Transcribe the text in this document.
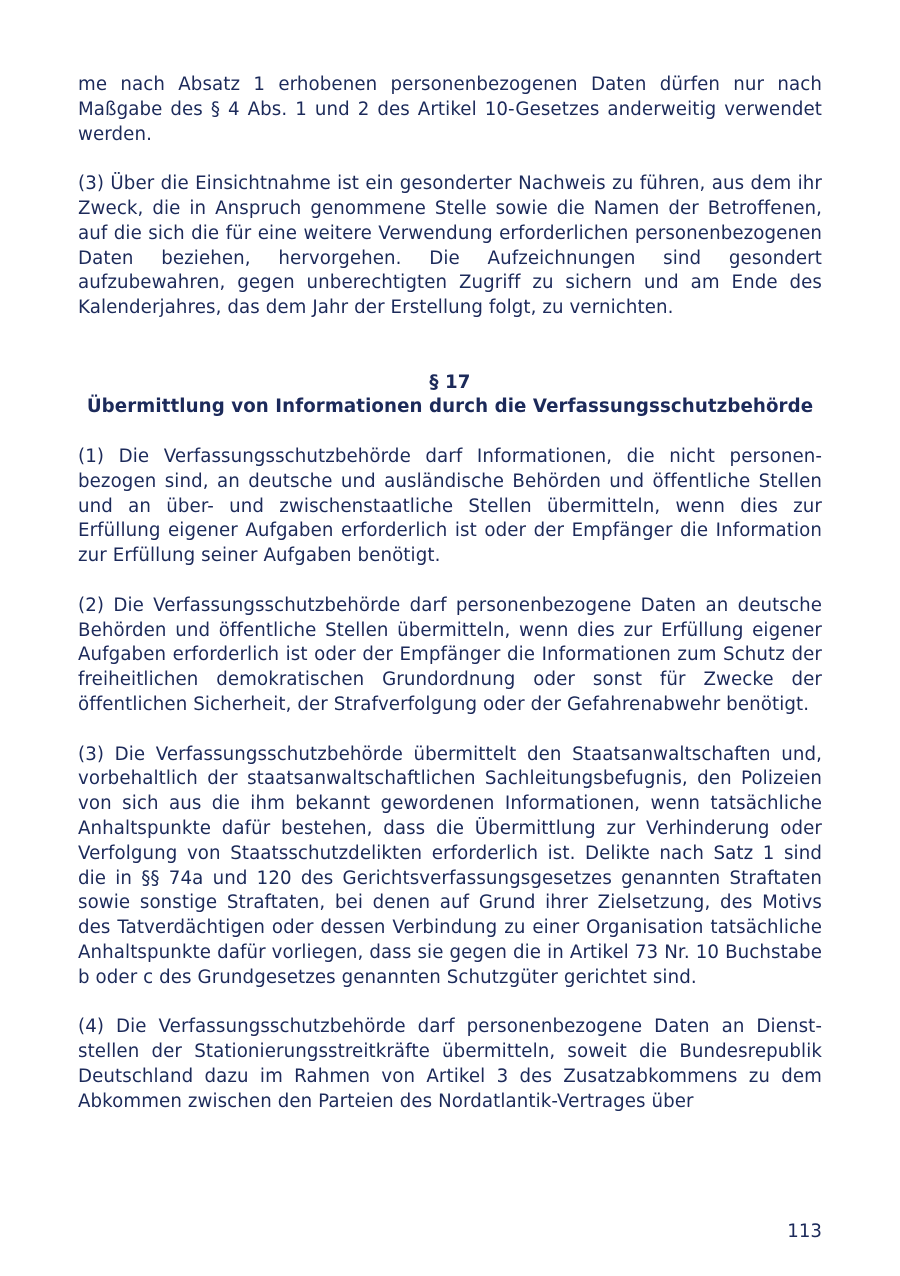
me nach Absatz 1 erhobenen personenbezogenen Daten dürfen nur nach Maßgabe des § 4 Abs. 1 und 2 des Artikel 10-Gesetzes anderweitig verwendet werden.

(3) Über die Einsichtnahme ist ein gesonderter Nachweis zu führen, aus dem ihr Zweck, die in Anspruch genommene Stelle sowie die Namen der Betroffenen, auf die sich die für eine weitere Verwendung erforderlichen personenbezogenen Daten beziehen, hervorgehen. Die Aufzeichnungen sind gesondert aufzubewahren, gegen unberechtigten Zugriff zu sichern und am Ende des Kalenderjahres, das dem Jahr der Erstellung folgt, zu vernichten.

§ 17
Übermittlung von Informationen durch die Verfassungsschutzbehörde

(1) Die Verfassungsschutzbehörde darf Informationen, die nicht personenbezogen sind, an deutsche und ausländische Behörden und öffentliche Stellen und an über- und zwischenstaatliche Stellen übermitteln, wenn dies zur Erfüllung eigener Aufgaben erforderlich ist oder der Empfänger die Information zur Erfüllung seiner Aufgaben benötigt.

(2) Die Verfassungsschutzbehörde darf personenbezogene Daten an deutsche Behörden und öffentliche Stellen übermitteln, wenn dies zur Erfüllung eigener Aufgaben erforderlich ist oder der Empfänger die Informationen zum Schutz der freiheitlichen demokratischen Grundordnung oder sonst für Zwecke der öffentlichen Sicherheit, der Strafverfolgung oder der Gefahrenabwehr benötigt.

(3) Die Verfassungsschutzbehörde übermittelt den Staatsanwaltschaften und, vorbehaltlich der staatsanwaltschaftlichen Sachleitungsbefugnis, den Polizeien von sich aus die ihm bekannt gewordenen Informationen, wenn tatsächliche Anhaltspunkte dafür bestehen, dass die Übermittlung zur Verhinderung oder Verfolgung von Staatsschutzdelikten erforderlich ist. Delikte nach Satz 1 sind die in §§ 74a und 120 des Gerichtsverfassungsgesetzes genannten Straftaten sowie sonstige Straftaten, bei denen auf Grund ihrer Zielsetzung, des Motivs des Tatverdächtigen oder dessen Verbindung zu einer Organisation tatsächliche Anhaltspunkte dafür vorliegen, dass sie gegen die in Artikel 73 Nr. 10 Buchstabe b oder c des Grundgesetzes genannten Schutzgüter gerichtet sind.

(4) Die Verfassungsschutzbehörde darf personenbezogene Daten an Dienststellen der Stationierungsstreitkräfte übermitteln, soweit die Bundesrepublik Deutschland dazu im Rahmen von Artikel 3 des Zusatzabkommens zu dem Abkommen zwischen den Parteien des Nordatlantik-Vertrages über

113
